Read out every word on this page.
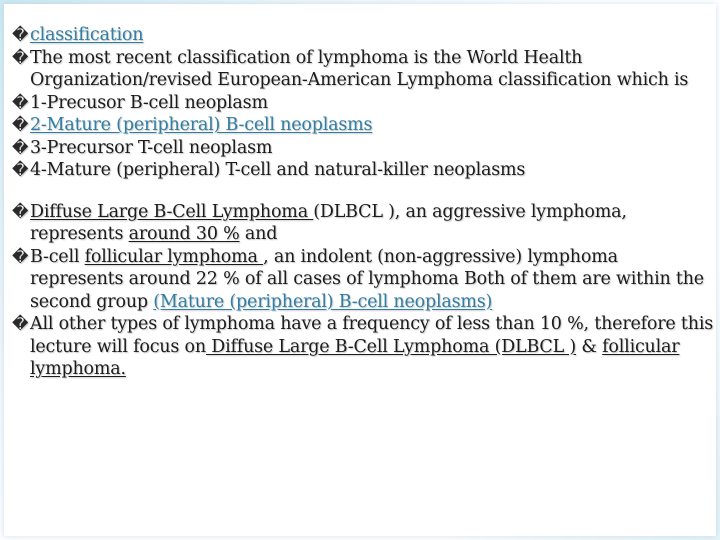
� classification

� The most recent classification of lymphoma is the World Health Organization/revised European-American Lymphoma classification which is

� 1-Precusor B-cell neoplasm

� 2-Mature (peripheral) B-cell neoplasms

� 3-Precursor T-cell neoplasm

� 4-Mature (peripheral) T-cell and natural-killer neoplasms

� Diffuse Large B-Cell Lymphoma (DLBCL ), an aggressive lymphoma, represents around 30 % and

� B-cell follicular lymphoma , an indolent (non-aggressive) lymphoma represents around 22 % of all cases of lymphoma Both of them are within the second group (Mature (peripheral) B-cell neoplasms)

� All other types of lymphoma have a frequency of less than 10 %, therefore this lecture will focus on Diffuse Large B-Cell Lymphoma (DLBCL ) & follicular lymphoma.
